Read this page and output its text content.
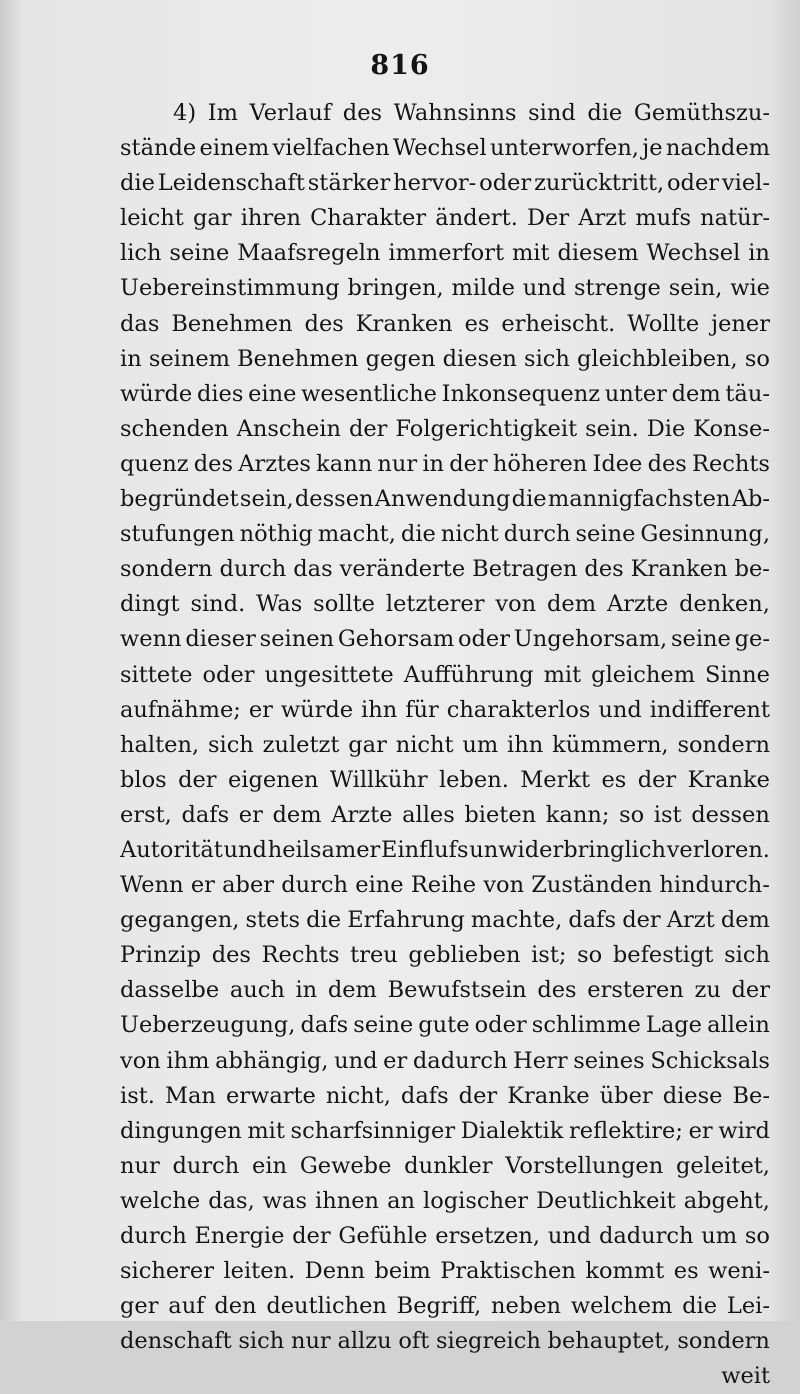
816
4) Im Verlauf des Wahnsinns sind die Gemüthszu-
stände einem vielfachen Wechsel unterworfen, je nachdem
die Leidenschaft stärker hervor- oder zurücktritt, oder viel-
leicht gar ihren Charakter ändert. Der Arzt mufs natür-
lich seine Maafsregeln immerfort mit diesem Wechsel in
Uebereinstimmung bringen, milde und strenge sein, wie
das Benehmen des Kranken es erheischt. Wollte jener
in seinem Benehmen gegen diesen sich gleichbleiben, so
würde dies eine wesentliche Inkonsequenz unter dem täu-
schenden Anschein der Folgerichtigkeit sein. Die Konse-
quenz des Arztes kann nur in der höheren Idee des Rechts
begründet sein, dessen Anwendung die mannigfachsten Ab-
stufungen nöthig macht, die nicht durch seine Gesinnung,
sondern durch das veränderte Betragen des Kranken be-
dingt sind. Was sollte letzterer von dem Arzte denken,
wenn dieser seinen Gehorsam oder Ungehorsam, seine ge-
sittete oder ungesittete Aufführung mit gleichem Sinne
aufnähme; er würde ihn für charakterlos und indifferent
halten, sich zuletzt gar nicht um ihn kümmern, sondern
blos der eigenen Willkühr leben. Merkt es der Kranke
erst, dafs er dem Arzte alles bieten kann; so ist dessen
Autorität und heilsamer Einflufs unwiderbringlich verloren.
Wenn er aber durch eine Reihe von Zuständen hindurch-
gegangen, stets die Erfahrung machte, dafs der Arzt dem
Prinzip des Rechts treu geblieben ist; so befestigt sich
dasselbe auch in dem Bewufstsein des ersteren zu der
Ueberzeugung, dafs seine gute oder schlimme Lage allein
von ihm abhängig, und er dadurch Herr seines Schicksals
ist. Man erwarte nicht, dafs der Kranke über diese Be-
dingungen mit scharfsinniger Dialektik reflektire; er wird
nur durch ein Gewebe dunkler Vorstellungen geleitet,
welche das, was ihnen an logischer Deutlichkeit abgeht,
durch Energie der Gefühle ersetzen, und dadurch um so
sicherer leiten. Denn beim Praktischen kommt es weni-
ger auf den deutlichen Begriff, neben welchem die Lei-
denschaft sich nur allzu oft siegreich behauptet, sondern
weit
